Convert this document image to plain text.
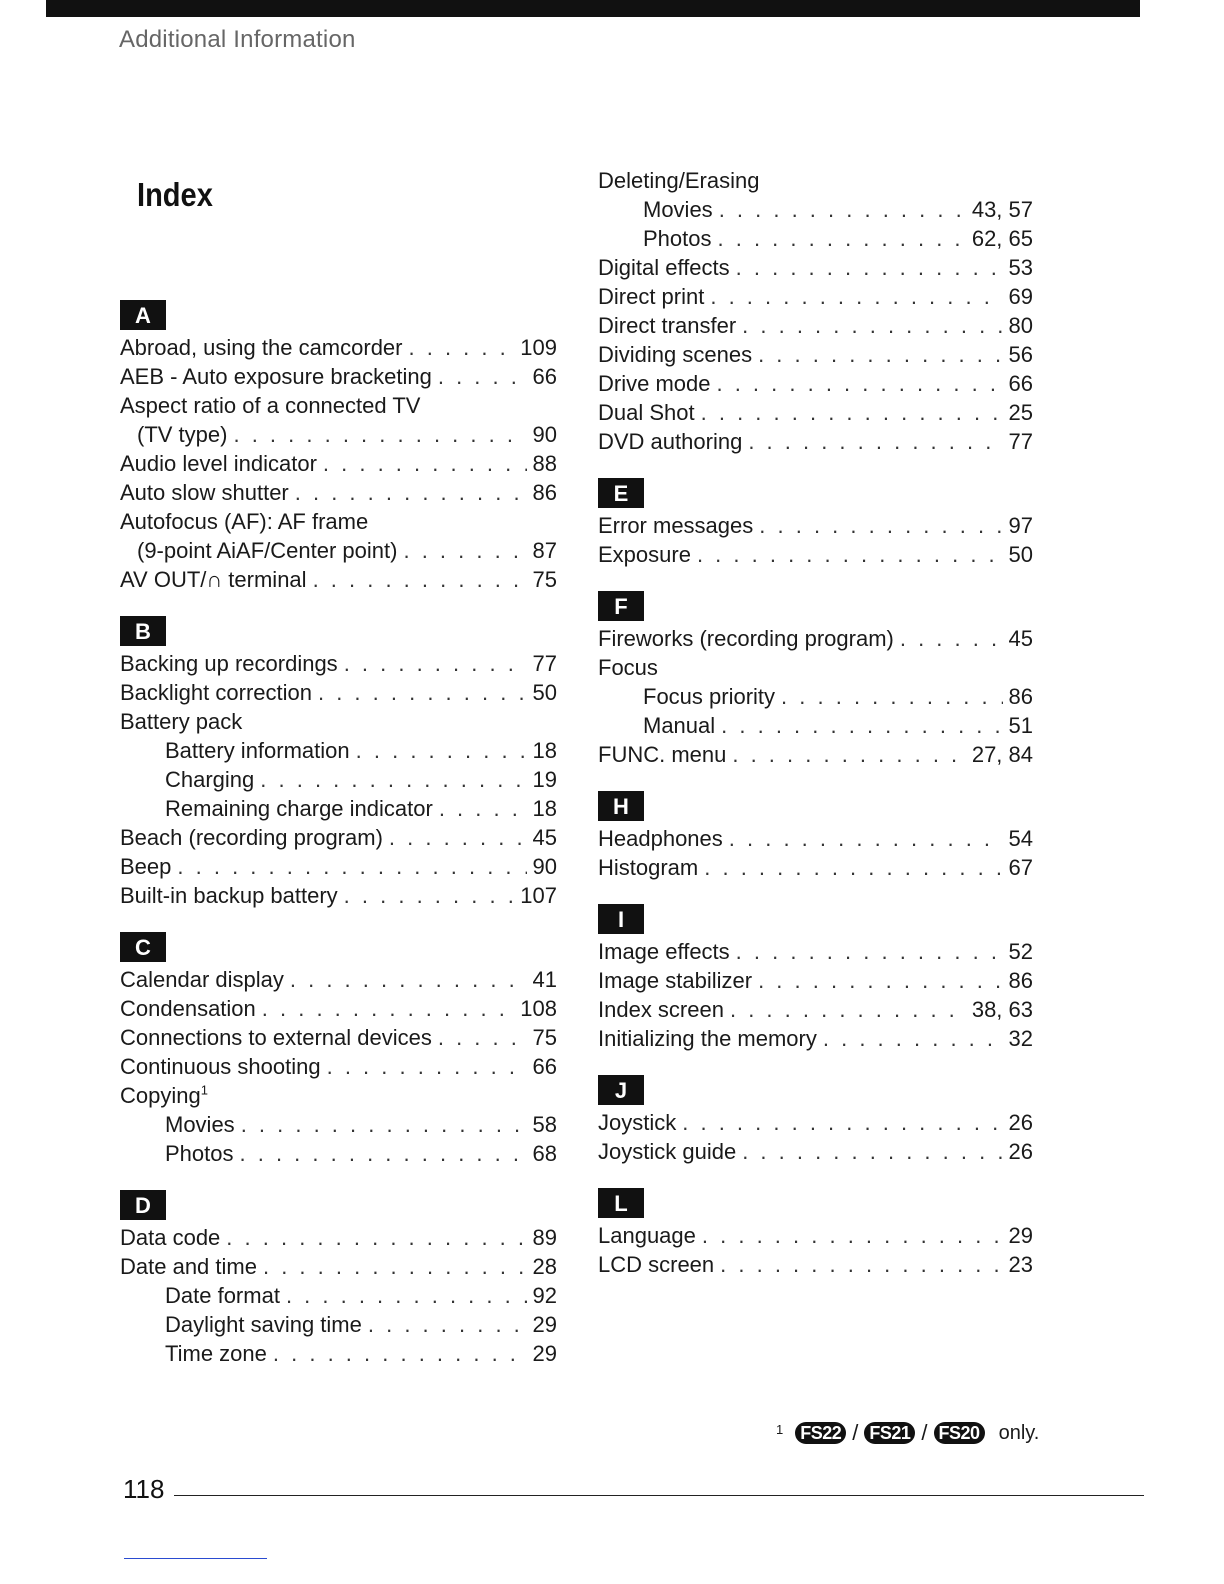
Additional Information
Index
A
Abroad, using the camcorder . . .	109
AEB - Auto exposure bracketing . . .	66
Aspect ratio of a connected TV
(TV type) . . .	90
Audio level indicator . . .	88
Auto slow shutter . . .	86
Autofocus (AF): AF frame
(9-point AiAF/Center point) . . .	87
AV OUT/∩ terminal . . .	75
B
Backing up recordings . . .	77
Backlight correction . . .	50
Battery pack
Battery information . . .	18
Charging . . .	19
Remaining charge indicator . . .	18
Beach (recording program) . . .	45
Beep . . .	90
Built-in backup battery . . .	107
C
Calendar display . . .	41
Condensation . . .	108
Connections to external devices . . .	75
Continuous shooting . . .	66
Copying$^1$
Movies . . .	58
Photos . . .	68
D
Data code . . .	89
Date and time . . .	28
Date format . . .	92
Daylight saving time . . .	29
Time zone . . .	29
Deleting/Erasing
Movies . . .	43, 57
Photos . . .	62, 65
Digital effects . . .	53
Direct print . . .	69
Direct transfer . . .	80
Dividing scenes . . .	56
Drive mode . . .	66
Dual Shot . . .	25
DVD authoring . . .	77
E
Error messages . . .	97
Exposure . . .	50
F
Fireworks (recording program) . . .	45
Focus
Focus priority . . .	86
Manual . . .	51
FUNC. menu . . .	27, 84
H
Headphones . . .	54
Histogram . . .	67
I
Image effects . . .	52
Image stabilizer . . .	86
Index screen . . .	38, 63
Initializing the memory . . .	32
J
Joystick . . .	26
Joystick guide . . .	26
L
Language . . .	29
LCD screen . . .	23
1 FS22 / FS21 / FS20 only.
118
